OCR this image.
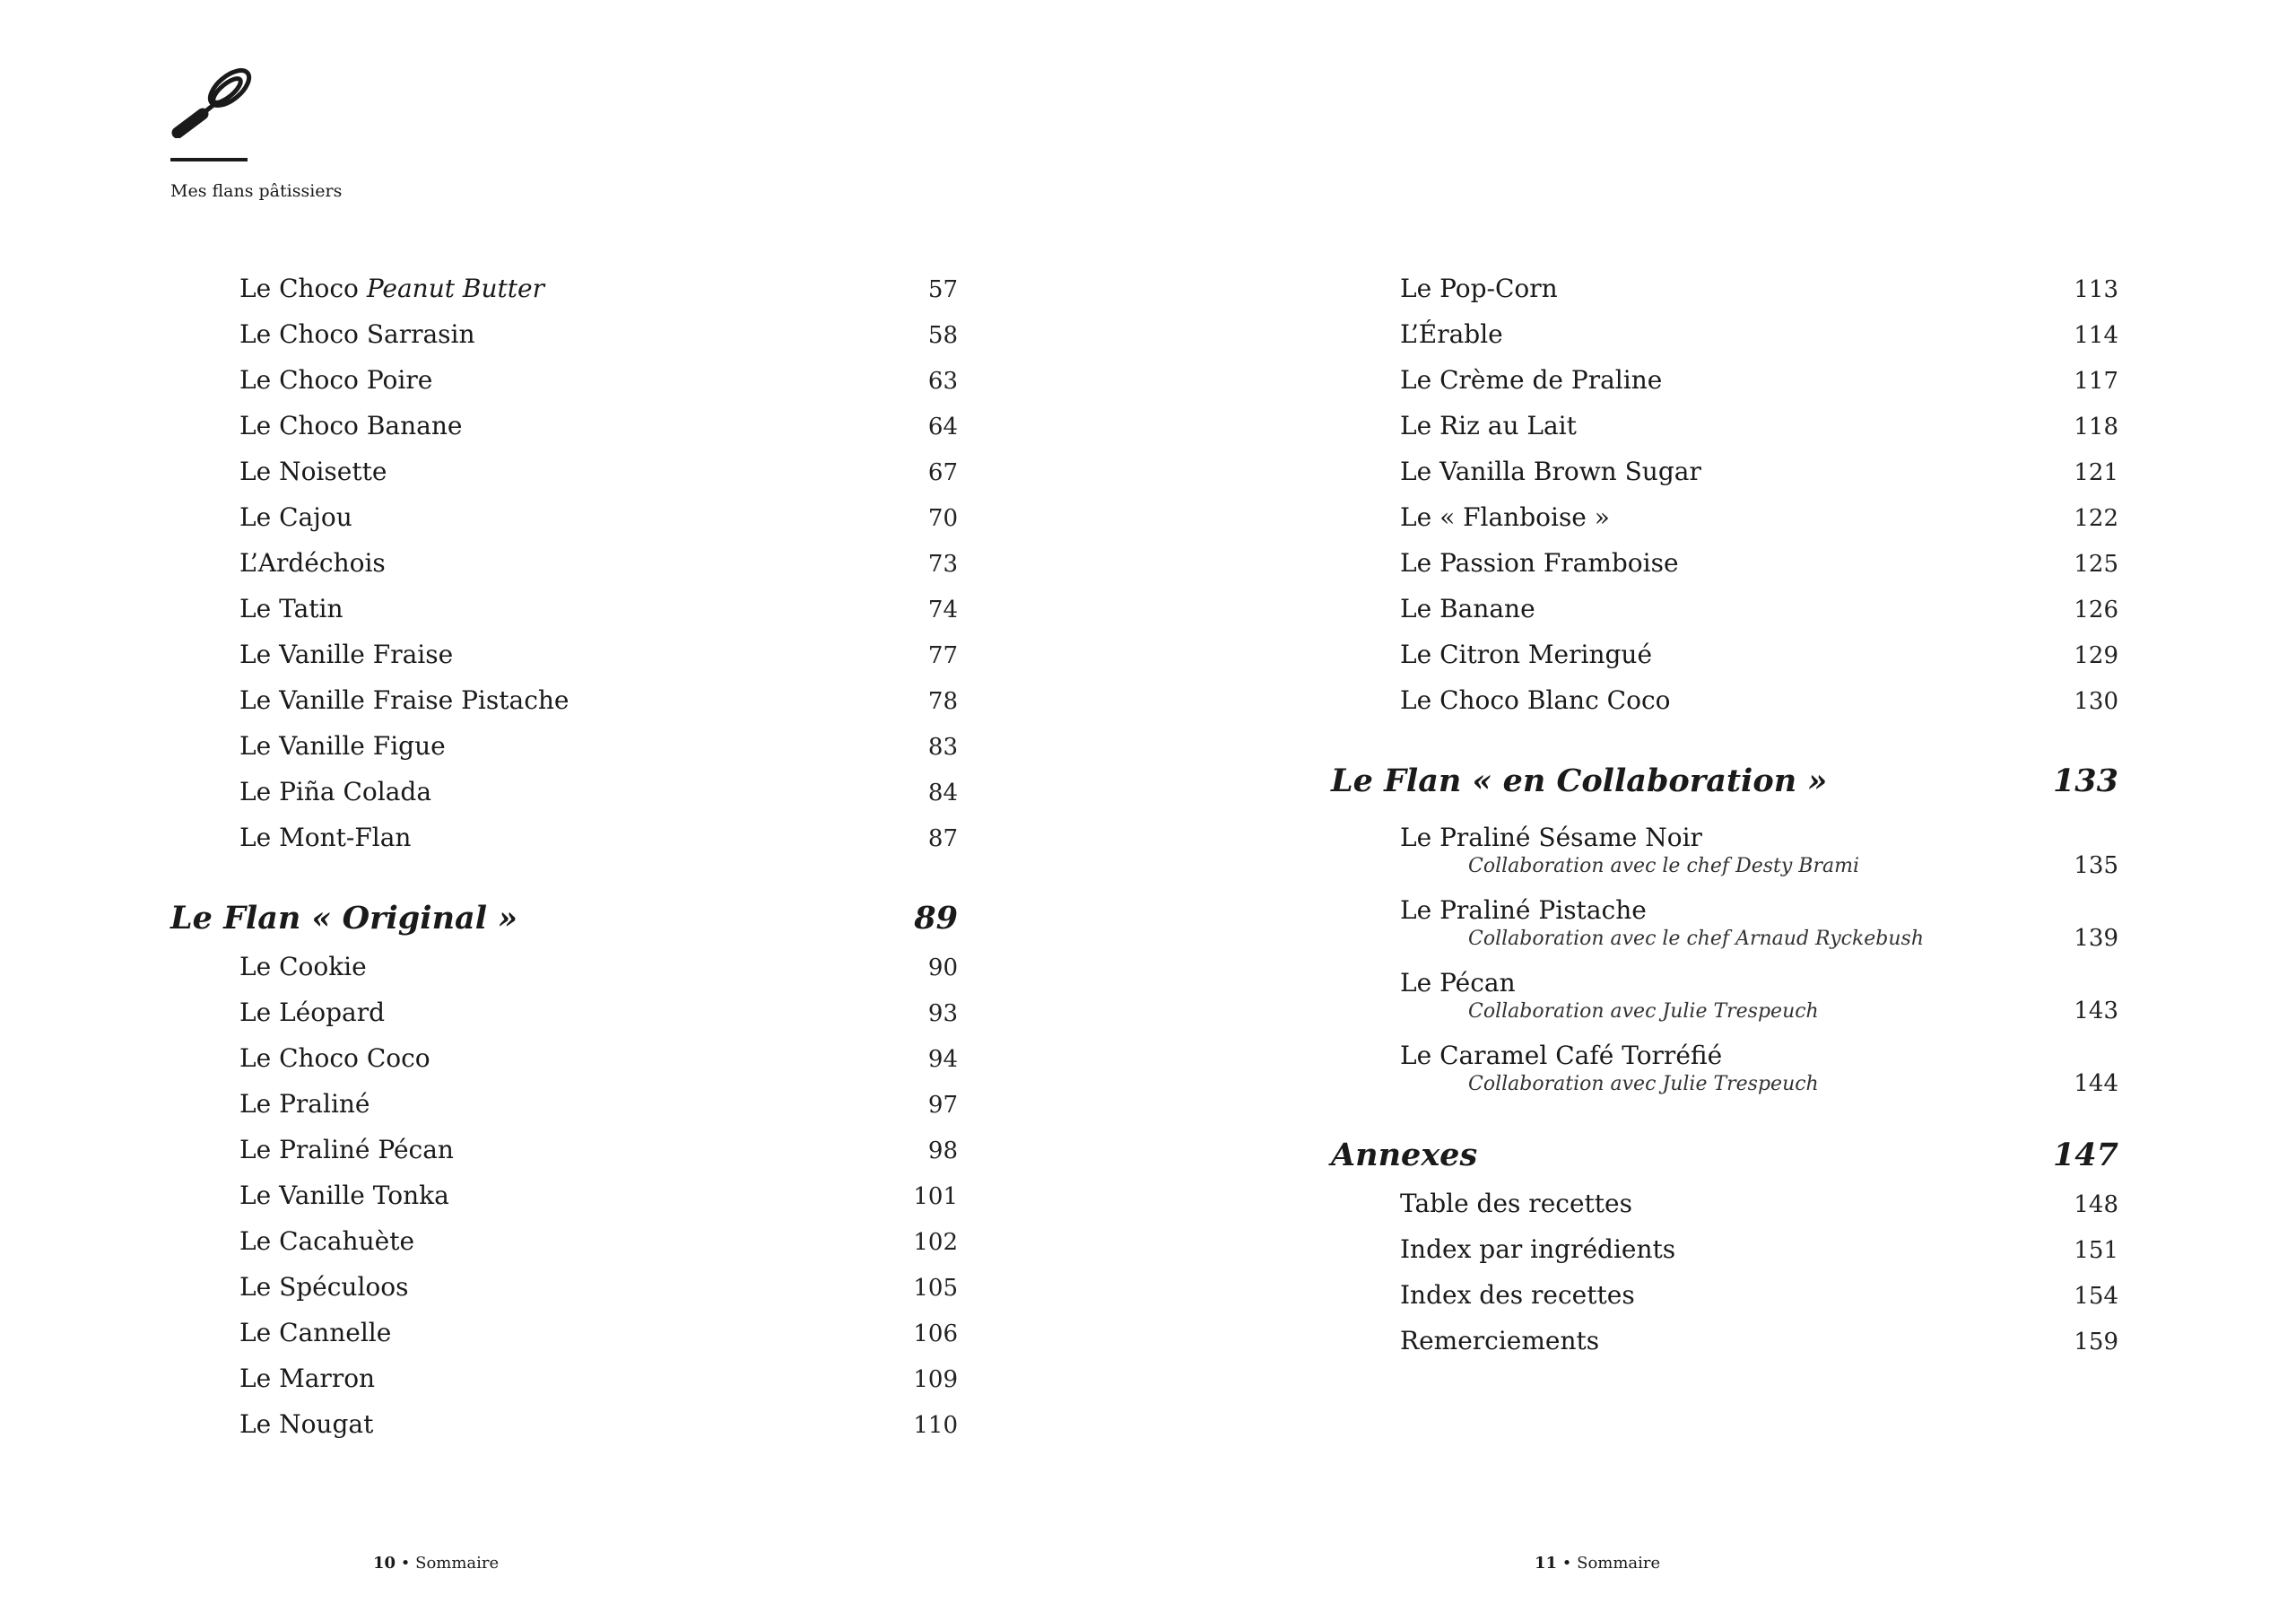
Mes flans pâtissiers
Le Choco Peanut Butter	57
Le Choco Sarrasin	58
Le Choco Poire	63
Le Choco Banane	64
Le Noisette	67
Le Cajou	70
L’Ardéchois	73
Le Tatin	74
Le Vanille Fraise	77
Le Vanille Fraise Pistache	78
Le Vanille Figue	83
Le Piña Colada	84
Le Mont-Flan	87
Le Flan « Original »	89
Le Cookie	90
Le Léopard	93
Le Choco Coco	94
Le Praliné	97
Le Praliné Pécan	98
Le Vanille Tonka	101
Le Cacahuète	102
Le Spéculoos	105
Le Cannelle	106
Le Marron	109
Le Nougat	110
Le Pop-Corn	113
L’Érable	114
Le Crème de Praline	117
Le Riz au Lait	118
Le Vanilla Brown Sugar	121
Le « Flanboise »	122
Le Passion Framboise	125
Le Banane	126
Le Citron Meringué	129
Le Choco Blanc Coco	130
Le Flan « en Collaboration »	133
Le Praliné Sésame Noir
Collaboration avec le chef Desty Brami	135
Le Praliné Pistache
Collaboration avec le chef Arnaud Ryckebush	139
Le Pécan
Collaboration avec Julie Trespeuch	143
Le Caramel Café Torréfié
Collaboration avec Julie Trespeuch	144
Annexes	147
Table des recettes	148
Index par ingrédients	151
Index des recettes	154
Remerciements	159
10 • Sommaire	11 • Sommaire
